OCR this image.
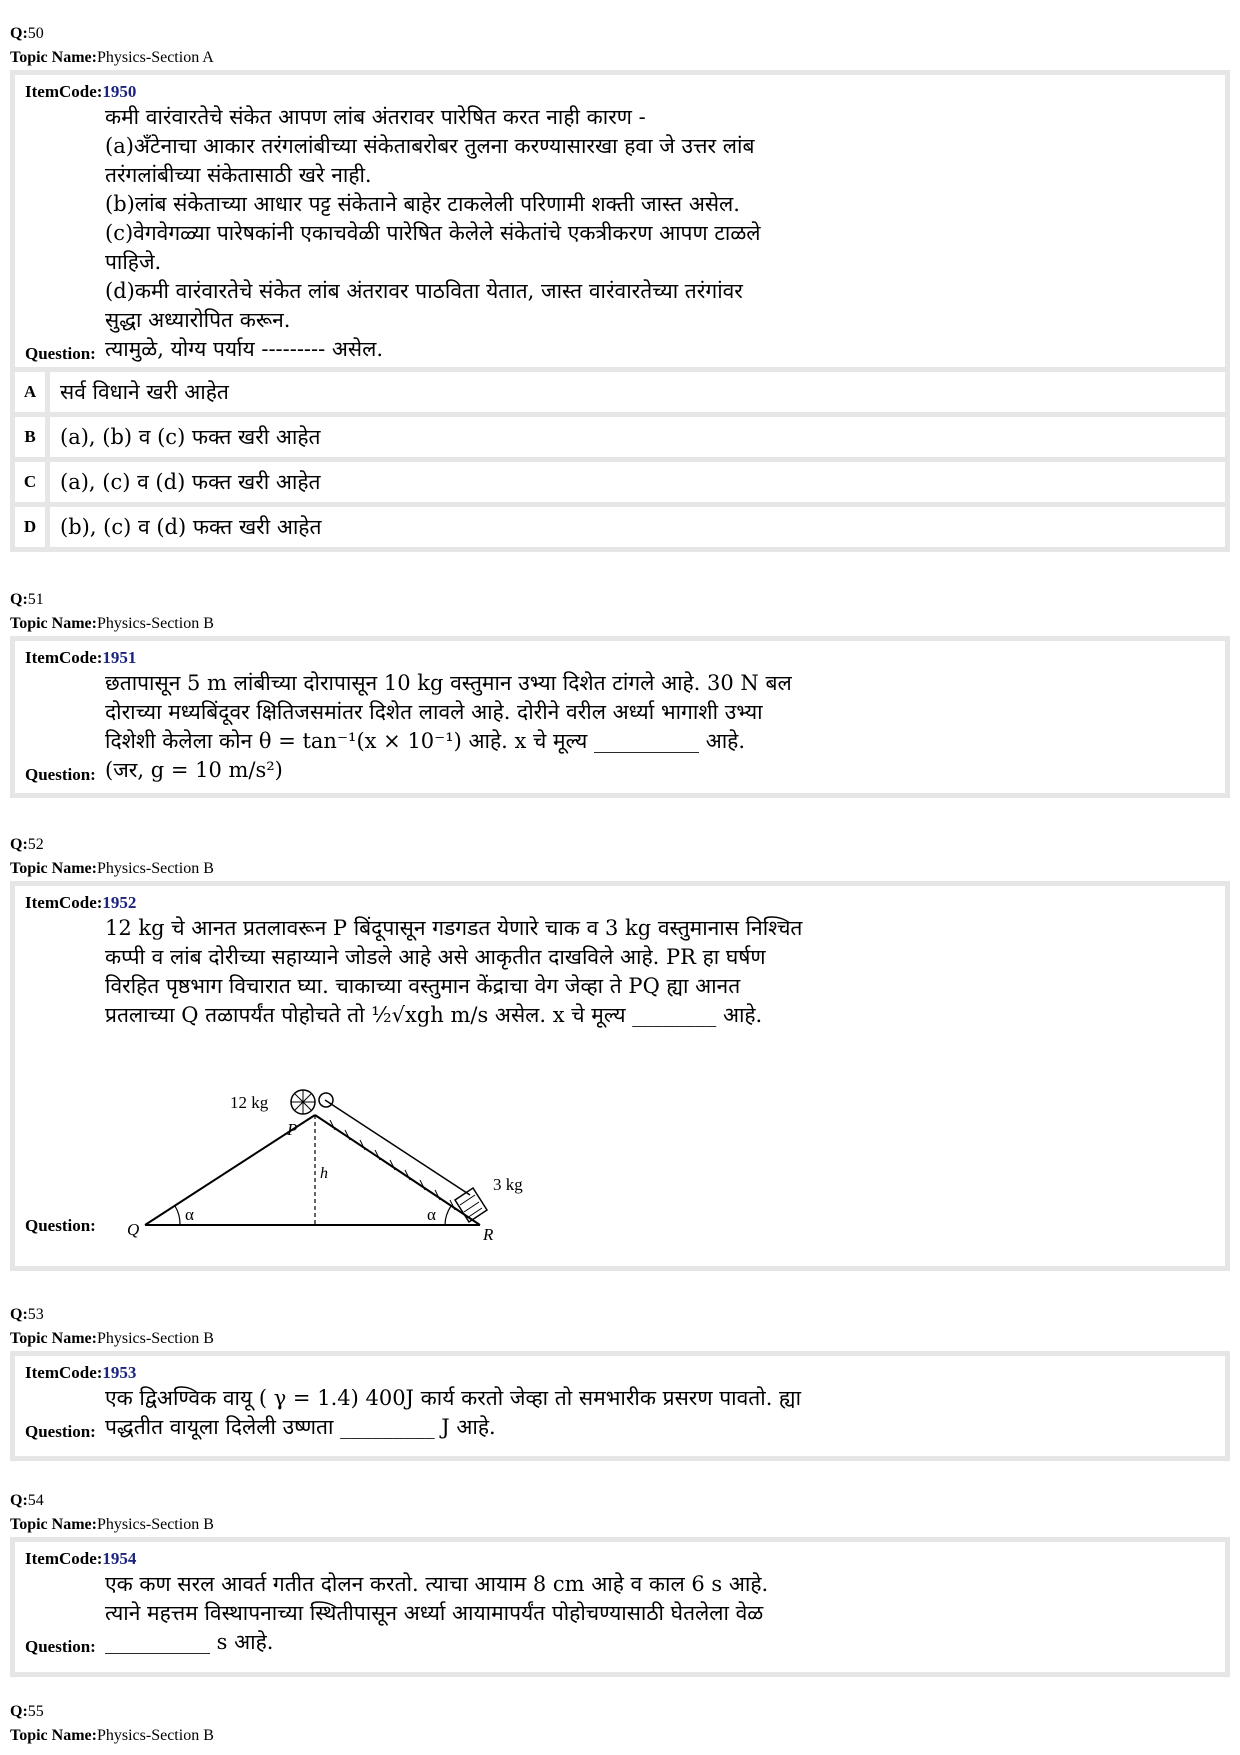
Q:50
Topic Name:Physics-Section A
ItemCode:1950

कमी वारंवारतेचे संकेत आपण लांब अंतरावर पारेषित करत नाही कारण -

(a)अँटेनाचा आकार तरंगलांबीच्या संकेताबरोबर तुलना करण्यासारखा हवा जे उत्तर लांब

तरंगलांबीच्या संकेतासाठी खरे नाही.

(b)लांब संकेताच्या आधार पट्ट संकेताने बाहेर टाकलेली परिणामी शक्ती जास्त असेल.

(c)वेगवेगळ्या पारेषकांनी एकाचवेळी पारेषित केलेले संकेतांचे एकत्रीकरण आपण टाळले

पाहिजे.

(d)कमी वारंवारतेचे संकेत लांब अंतरावर पाठविता येतात, जास्त वारंवारतेच्या तरंगांवर

सुद्धा अध्यारोपित करून.

त्यामुळे, योग्य पर्याय --------- असेल.

Question:
A	सर्व विधाने खरी आहेत
B	(a), (b) व (c) फक्त खरी आहेत
C	(a), (c) व (d) फक्त खरी आहेत
D	(b), (c) व (d) फक्त खरी आहेत
Q:51
Topic Name:Physics-Section B
ItemCode:1951

छतापासून 5 m लांबीच्या दोरापासून 10 kg वस्तुमान उभ्या दिशेत टांगले आहे. 30 N बल

दोराच्या मध्यबिंदूवर क्षितिजसमांतर दिशेत लावले आहे. दोरीने वरील अर्ध्या भागाशी उभ्या

दिशेशी केलेला कोन θ = tan⁻¹(x × 10⁻¹) आहे. x चे मूल्य __________ आहे.

(जर, g = 10 m/s²)

Question:
Q:52
Topic Name:Physics-Section B
ItemCode:1952

12 kg चे आनत प्रतलावरून P बिंदूपासून गडगडत येणारे चाक व 3 kg वस्तुमानास निश्चित

कप्पी व लांब दोरीच्या सहाय्याने जोडले आहे असे आकृतीत दाखविले आहे. PR हा घर्षण

विरहित पृष्ठभाग विचारात घ्या. चाकाच्या वस्तुमान केंद्राचा वेग जेव्हा ते PQ ह्या आनत

प्रतलाच्या Q तळापर्यंत पोहोचते तो ½√xgh m/s असेल. x चे मूल्य ________ आहे.

12 kg
3 kg
P
Q	R
h
α	α
Question:
Q:53
Topic Name:Physics-Section B
ItemCode:1953

एक द्विअण्विक वायू ( γ = 1.4) 400J कार्य करतो जेव्हा तो समभारीक प्रसरण पावतो. ह्या

पद्धतीत वायूला दिलेली उष्णता _________ J आहे.

Question:
Q:54
Topic Name:Physics-Section B
ItemCode:1954

एक कण सरल आवर्त गतीत दोलन करतो. त्याचा आयाम 8 cm आहे व काल 6 s आहे.

त्याने महत्तम विस्थापनाच्या स्थितीपासून अर्ध्या आयामापर्यंत पोहोचण्यासाठी घेतलेला वेळ

__________ s आहे.

Question:
Q:55
Topic Name:Physics-Section B
